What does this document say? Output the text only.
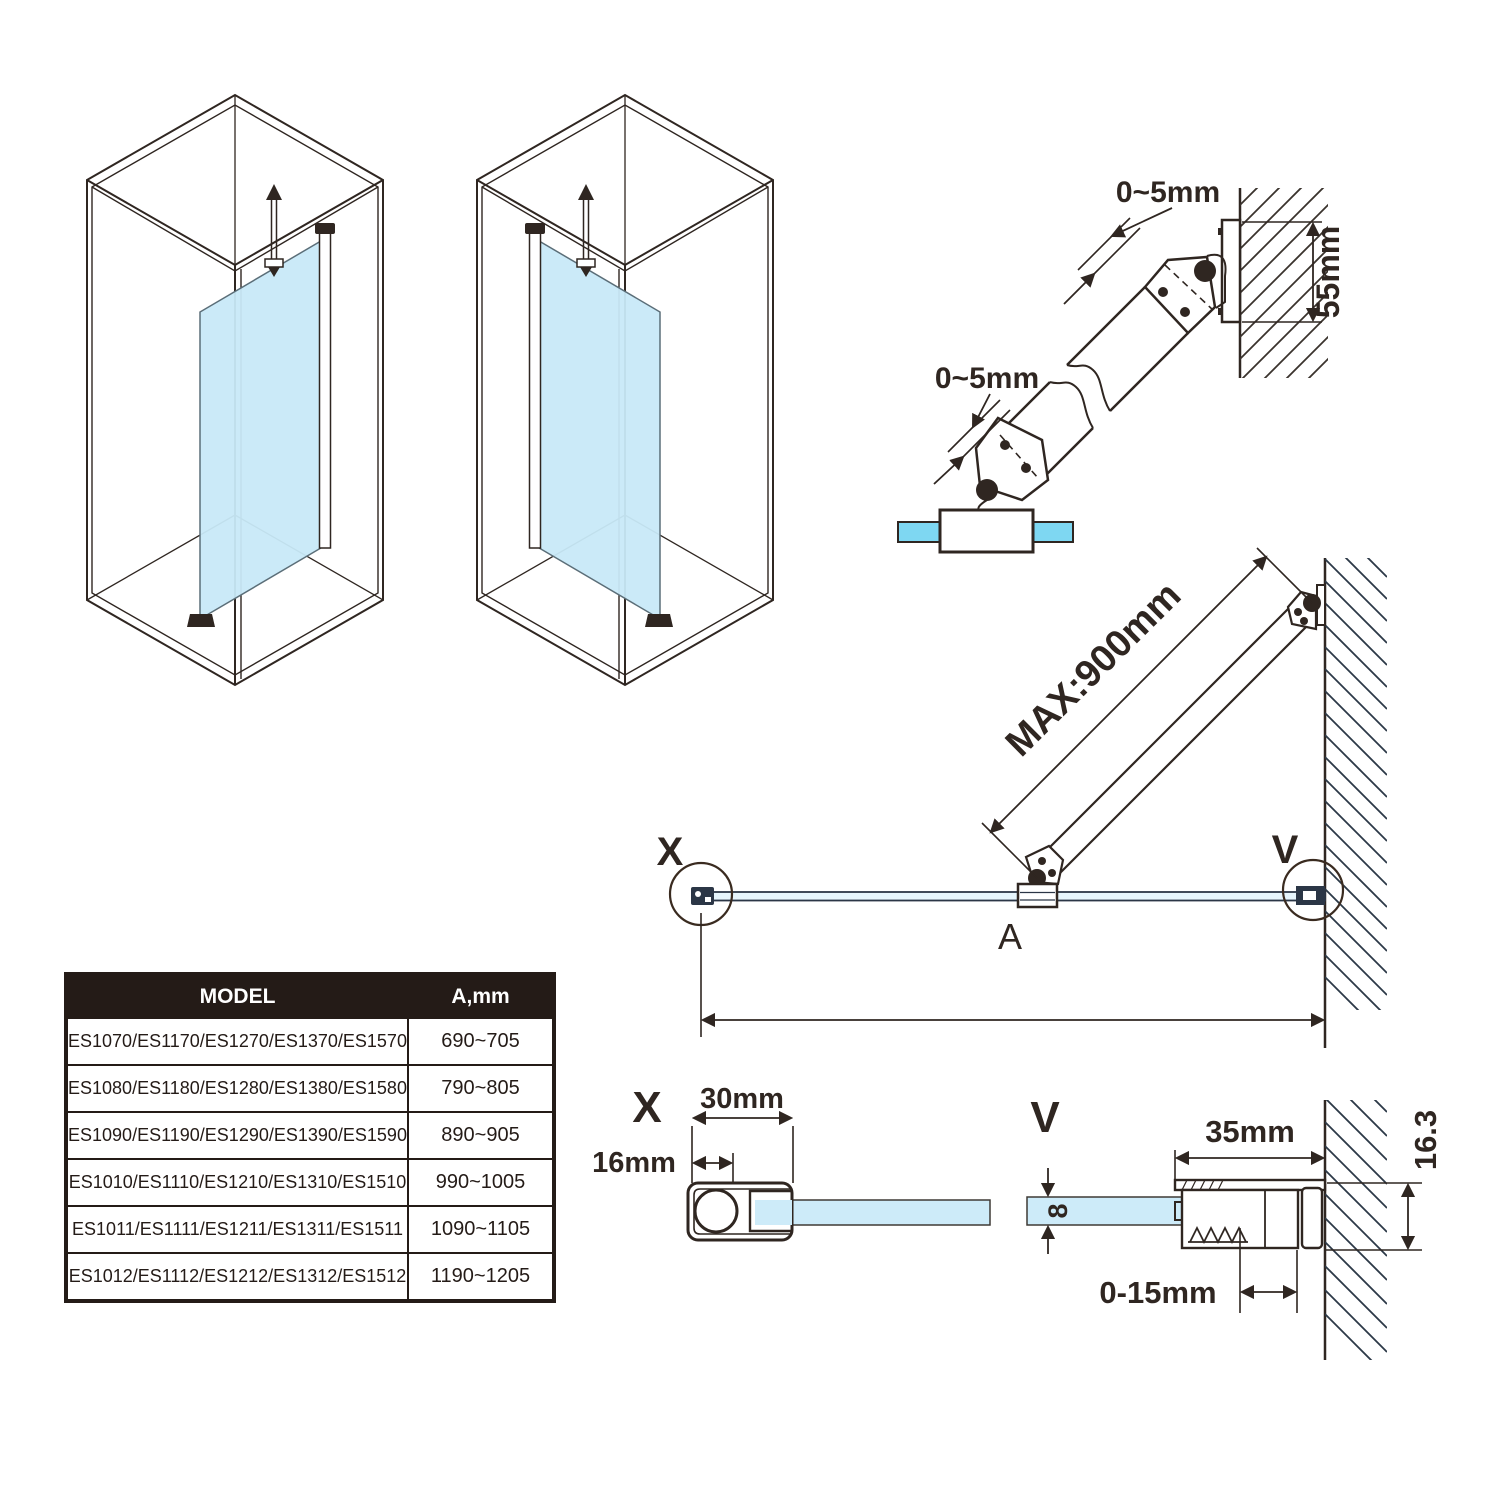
55mm
0~5mm
0~5mm
MAX:900mm
X	V
A
X 30mm
16mm
V
8
35mm	16.3
0-15mm
MODEL	A,mm
ES1070/ES1170/ES1270/ES1370/ES1570	690~705
ES1080/ES1180/ES1280/ES1380/ES1580	790~805
ES1090/ES1190/ES1290/ES1390/ES1590	890~905
ES1010/ES1110/ES1210/ES1310/ES1510	990~1005
ES1011/ES1111/ES1211/ES1311/ES1511	1090~1105
ES1012/ES1112/ES1212/ES1312/ES1512	1190~1205
